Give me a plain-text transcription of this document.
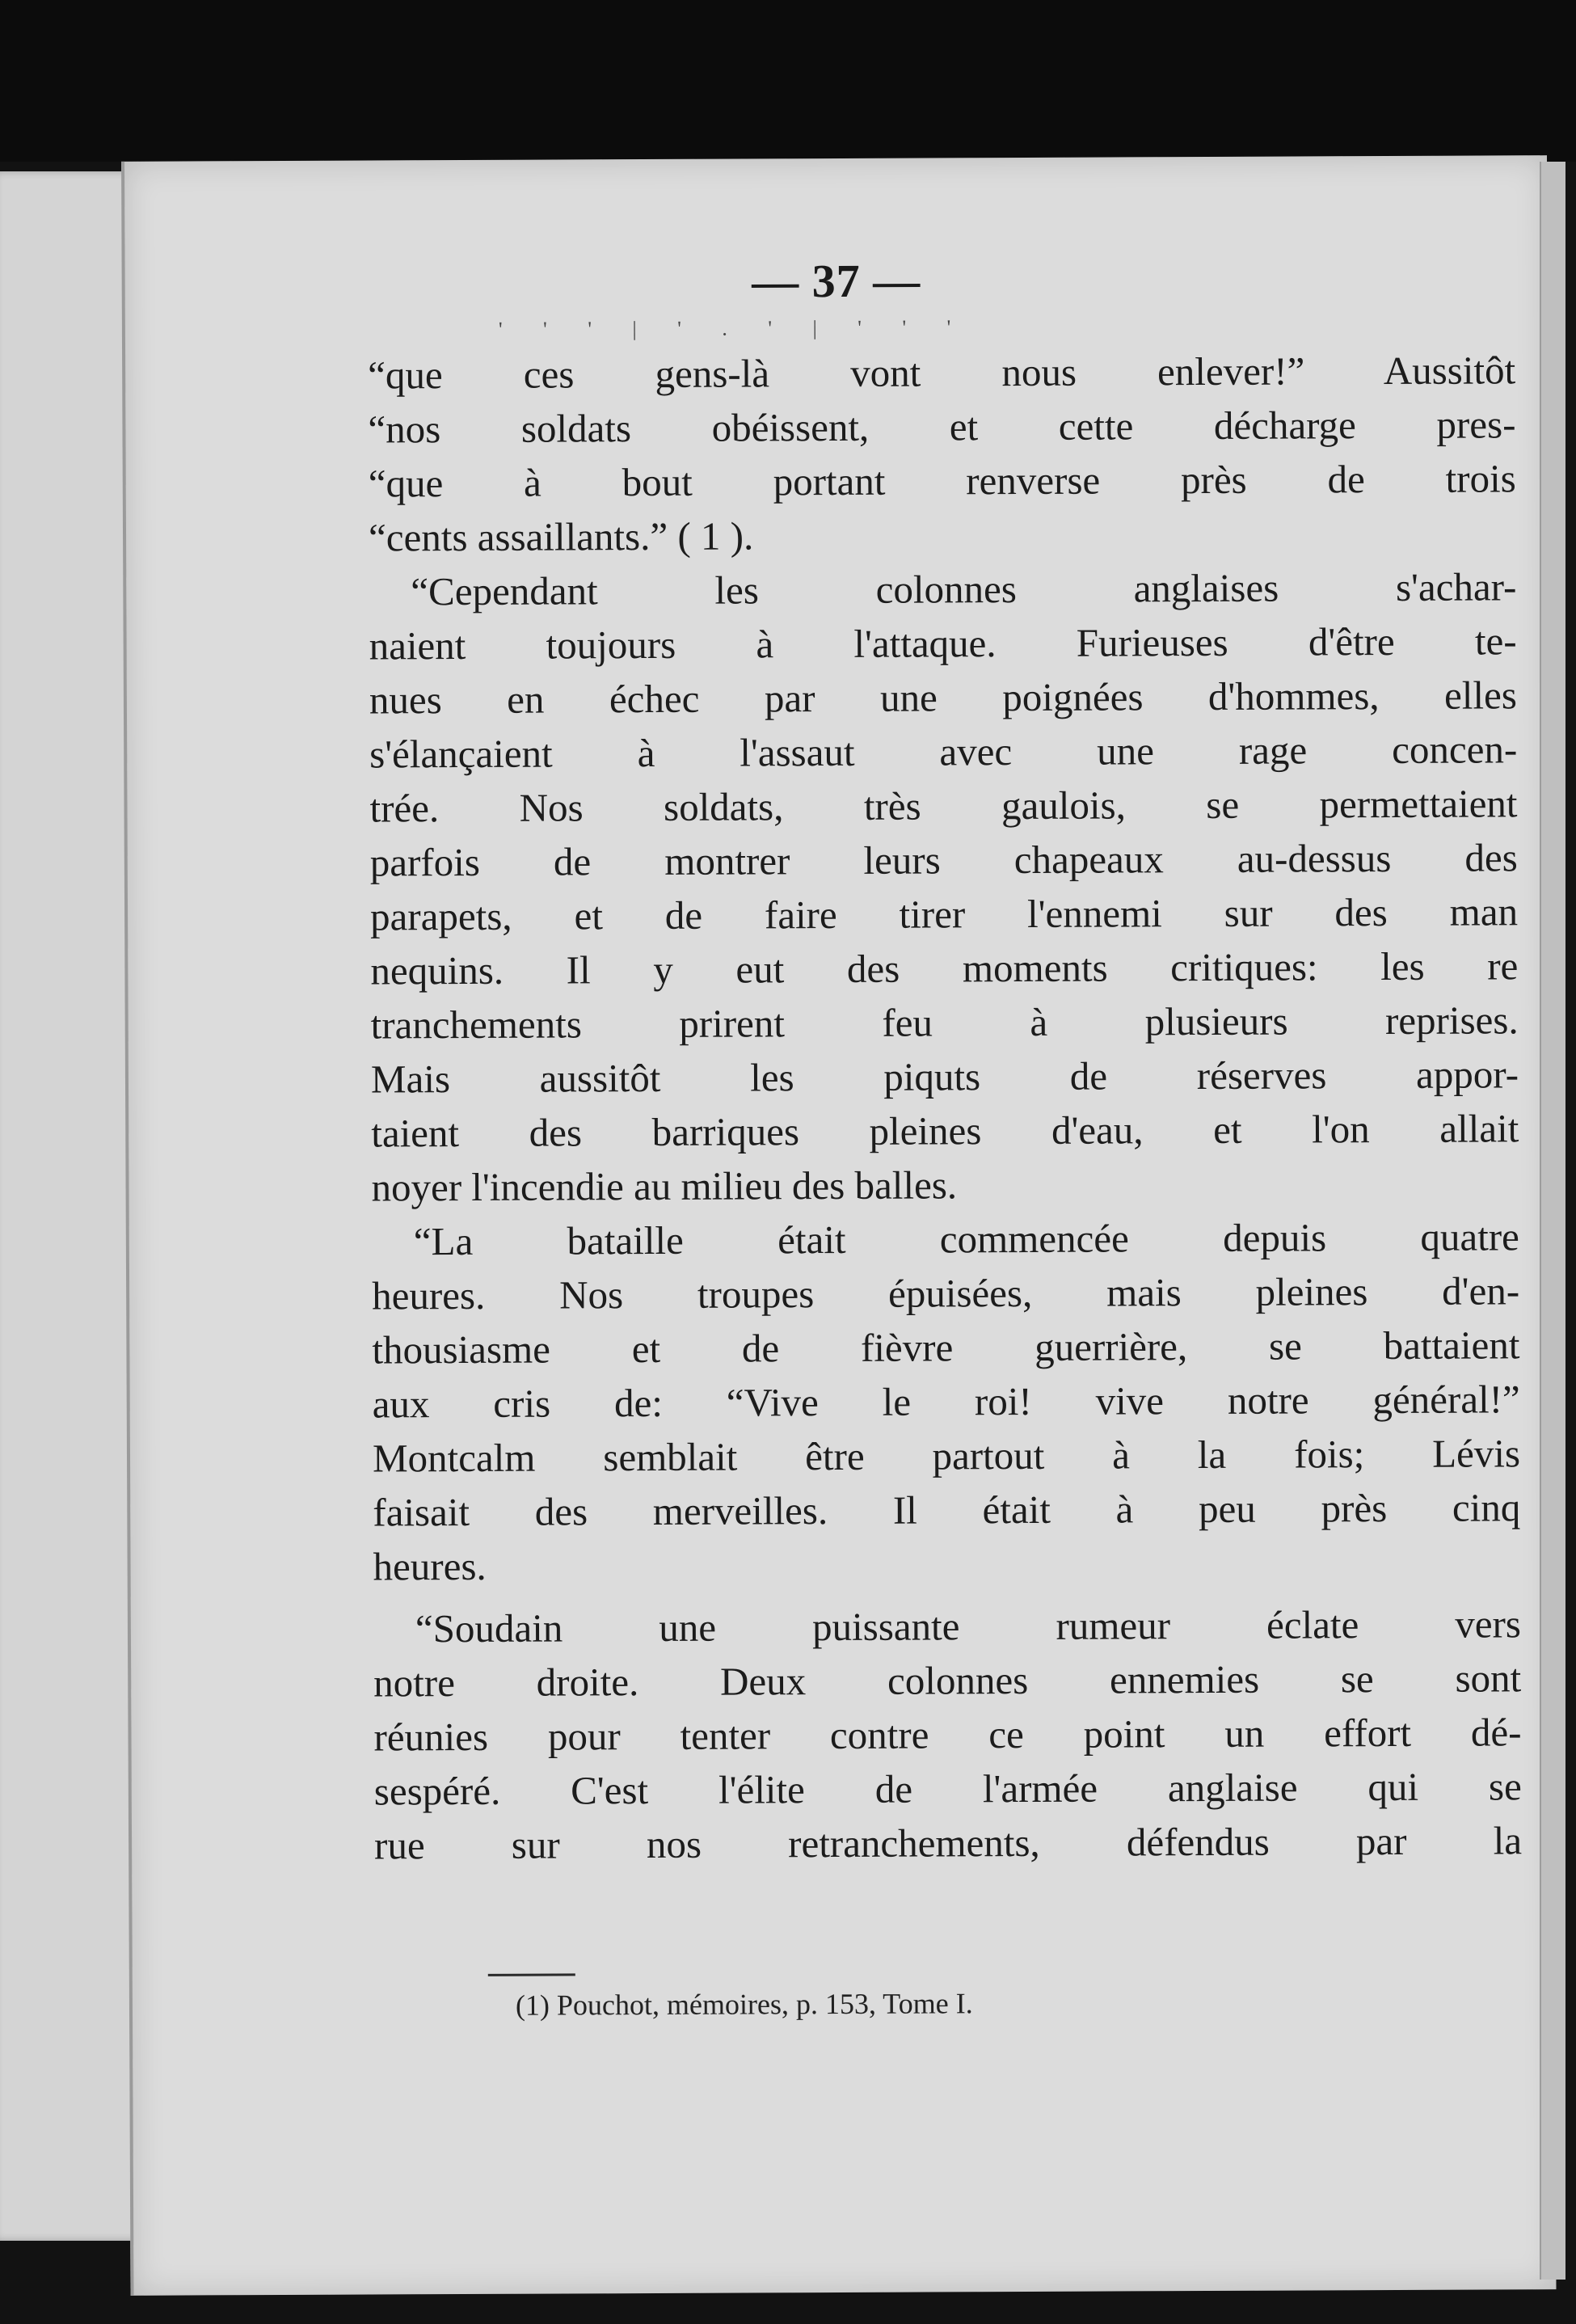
— 37 —
' ' ' | ' . ' | ' ' '
“que ces gens-là vont nous enlever!” Aussitôt
“nos soldats obéissent, et cette décharge pres-
“que à bout portant renverse près de trois
“cents assaillants.” ( 1 ).
“Cependant les colonnes anglaises s'achar-
naient toujours à l'attaque. Furieuses d'être te-
nues en échec par une poignées d'hommes, elles
s'élançaient à l'assaut avec une rage concen-
trée. Nos soldats, très gaulois, se permettaient
parfois de montrer leurs chapeaux au-dessus des
parapets, et de faire tirer l'ennemi sur des man
nequins. Il y eut des moments critiques: les re
tranchements prirent feu à plusieurs reprises.
Mais aussitôt les piquts de réserves appor-
taient des barriques pleines d'eau, et l'on allait
noyer l'incendie au milieu des balles.
“La bataille était commencée depuis quatre
heures. Nos troupes épuisées, mais pleines d'en-
thousiasme et de fièvre guerrière, se battaient
aux cris de: “Vive le roi! vive notre général!”
Montcalm semblait être partout à la fois; Lévis
faisait des merveilles. Il était à peu près cinq
heures.
“Soudain une puissante rumeur éclate vers
notre droite. Deux colonnes ennemies se sont
réunies pour tenter contre ce point un effort dé-
sespéré. C'est l'élite de l'armée anglaise qui se
rue sur nos retranchements, défendus par la
(1) Pouchot, mémoires, p. 153, Tome I.
